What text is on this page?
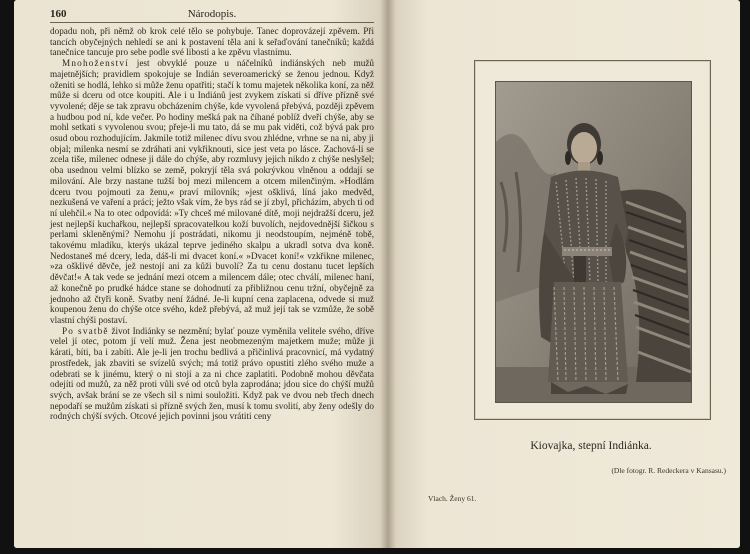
160	Národopis.

dopadu noh, při němž ob krok celé tělo se pohybuje. Tanec doprovázejí zpěvem. Při tancích obyčejných nehledí se ani k postavení těla ani k seřaďování tanečníků; každá tanečnice tancuje pro sebe podle své libosti a ke zpěvu vlastnímu.

Mnohoženství jest obvyklé pouze u náčelníků indiánských neb mužů majetnějších; pravidlem spokojuje se Indián severoamerický se ženou jednou. Když oženiti se hodlá, lehko si může ženu opatřiti; stačí k tomu majetek několika koní, za něž může si dceru od otce koupiti. Ale i u Indiánů jest zvykem získati si dříve přízně své vyvolené; děje se tak zpravu obcházením chýše, kde vyvolená přebývá, později zpěvem a hudbou pod ní, kde večer. Po hodiny mešká pak na číhané poblíž dveří chýše, aby se mohl setkati s vyvolenou svou; přeje-li mu tato, dá se mu pak viděti, což bývá pak pro osud obou rozhodujícím. Jakmile totiž milenec dívu svou zhlédne, vrhne se na ni, aby ji objal; milenka nesmí se zdráhati ani vykřiknouti, sice jest veta po lásce. Zachová-li se zcela tiše, milenec odnese ji dále do chýše, aby rozmluvy jejich nikdo z chýše neslyšel; oba usednou velmi blízko se země, pokryjí těla svá pokrývkou vlněnou a oddají se milování. Ale brzy nastane tužší boj mezi milencem a otcem milenčiným. »Hodlám dceru tvou pojmouti za ženu,« praví milovník; »jest ošklivá, líná jako medvěd, nezkušená ve vaření a práci; ježto však vím, že bys rád se jí zbyl, přicházím, abych ti od ní ulehčil.« Na to otec odpovídá: »Ty chceš mé milované dítě, moji nejdražší dceru, jež jest nejlepší kuchařkou, nejlepší spracovatelkou koží buvolích, nejdovednější šičkou s perlami skleněnými? Nemohu jí postrádati, nikomu ji neodstoupím, nejméně tobě, takovému mladíku, kterýs ukázal teprve jediného skalpu a ukradl sotva dva koně. Nedostaneš mé dcery, leda, dáš-li mi dvacet koní.« »Dvacet koní!« vzkřikne milenec, »za ošklivé děvče, jež nestojí ani za kůži buvolí? Za tu cenu dostanu tucet lepších děvčat!« A tak vede se jednání mezi otcem a milencem dále; otec chválí, milenec haní, až konečně po prudké hádce stane se dohodnutí za přibližnou cenu tržní, obyčejně za jednoho až čtyři koně. Svatby není žádné. Je-li kupní cena zaplacena, odvede si muž koupenou ženu do chýše otce svého, kdež přebývá, až muž její tak se vzmůže, že sobě vlastní chýši postaví.

Po svatbě život Indiánky se nezmění; bylať pouze vyměnila velitele svého, dříve velel jí otec, potom jí velí muž. Žena jest neobmezeným majetkem muže; může ji kárati, bíti, ba i zabíti. Ale je-li jen trochu bedlivá a přičinlivá pracovnicí, má vydatný prostředek, jak zbaviti se svízelů svých; má totiž právo opustiti zlého svého muže a odebrati se k jinému, který o ni stojí a za ni chce zaplatiti. Podobně mohou děvčata odejíti od mužů, za něž proti vůli své od otců byla zaprodána; jdou sice do chýší mužů svých, avšak brání se ze všech sil s nimi souložiti. Když pak ve dvou neb třech dnech nepodaří se mužům získati si přízně svých žen, musí k tomu svolití, aby ženy odešly do rodných chýší svých. Otcové jejich povinni jsou vrátiti ceny

Kiovajka, stepní Indiánka.
(Dle fotogr. R. Redeckera v Kansasu.)
Vlach. Ženy 61.
